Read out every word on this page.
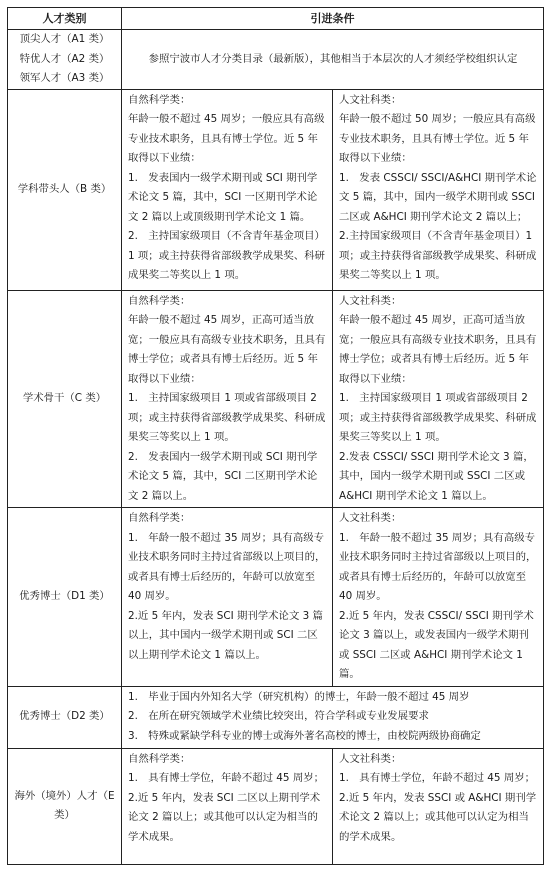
人才类别	引进条件	

顶尖人才（A1 类）
特优人才（A2 类）
领军人才（A3 类）	参照宁波市人才分类目录（最新版），其他相当于本层次的人才须经学校组织认定	

学科带头人（B 类）	自然科学类：
年龄一般不超过 45 周岁；一般应具有高级专业技术职务，且具有博士学位。近 5 年取得以下业绩：
1.　发表国内一级学术期刊或 SCI 期刊学术论文 5 篇，其中，SCI 一区期刊学术论文 2 篇以上或顶级期刊学术论文 1 篇。
2.　主持国家级项目（不含青年基金项目）1 项；或主持获得省部级教学成果奖、科研成果奖二等奖以上 1 项。	人文社科类：
年龄一般不超过 50 周岁；一般应具有高级专业技术职务，且具有博士学位。近 5 年取得以下业绩：
1.　发表 CSSCI/ SSCI/A&HCI 期刊学术论文 5 篇，其中，国内一级学术期刊或 SSCI 二区或 A&HCI 期刊学术论文 2 篇以上；
2.主持国家级项目（不含青年基金项目）1 项；或主持获得省部级教学成果奖、科研成果奖二等奖以上 1 项。

学术骨干（C 类）	自然科学类：
年龄一般不超过 45 周岁，正高可适当放宽；一般应具有高级专业技术职务，且具有博士学位；或者具有博士后经历。近 5 年取得以下业绩：
1.　主持国家级项目 1 项或省部级项目 2 项；或主持获得省部级教学成果奖、科研成果奖三等奖以上 1 项。
2.　发表国内一级学术期刊或 SCI 期刊学术论文 5 篇，其中，SCI 二区期刊学术论文 2 篇以上。	人文社科类：
年龄一般不超过 45 周岁，正高可适当放宽；一般应具有高级专业技术职务，且具有博士学位；或者具有博士后经历。近 5 年取得以下业绩：
1.　主持国家级项目 1 项或省部级项目 2 项；或主持获得省部级教学成果奖、科研成果奖三等奖以上 1 项。
2.发表 CSSCI/ SSCI 期刊学术论文 3 篇，其中，国内一级学术期刊或 SSCI 二区或 A&HCI 期刊学术论文 1 篇以上。

优秀博士（D1 类）	自然科学类：
1.　年龄一般不超过 35 周岁；具有高级专业技术职务同时主持过省部级以上项目的，或者具有博士后经历的，年龄可以放宽至 40 周岁。
2.近 5 年内，发表 SCI 期刊学术论文 3 篇以上，其中国内一级学术期刊或 SCI 二区以上期刊学术论文 1 篇以上。	人文社科类：
1.　年龄一般不超过 35 周岁；具有高级专业技术职务同时主持过省部级以上项目的，或者具有博士后经历的，年龄可以放宽至 40 周岁。
2.近 5 年内，发表 CSSCI/ SSCI 期刊学术论文 3 篇以上，或发表国内一级学术期刊或 SSCI 二区或 A&HCI 期刊学术论文 1 篇。

优秀博士（D2 类）	1.　毕业于国内外知名大学（研究机构）的博士，年龄一般不超过 45 周岁
2.　在所在研究领域学术业绩比较突出，符合学科或专业发展要求
3.　特殊或紧缺学科专业的博士或海外著名高校的博士，由校院两级协商确定	

海外（境外）人才（E 类）	自然科学类：
1.　具有博士学位，年龄不超过 45 周岁；
2.近 5 年内，发表 SCI 二区以上期刊学术论文 2 篇以上；或其他可以认定为相当的学术成果。	人文社科类：
1.　具有博士学位，年龄不超过 45 周岁；
2.近 5 年内，发表 SSCI 或 A&HCI 期刊学术论文 2 篇以上；或其他可以认定为相当的学术成果。
